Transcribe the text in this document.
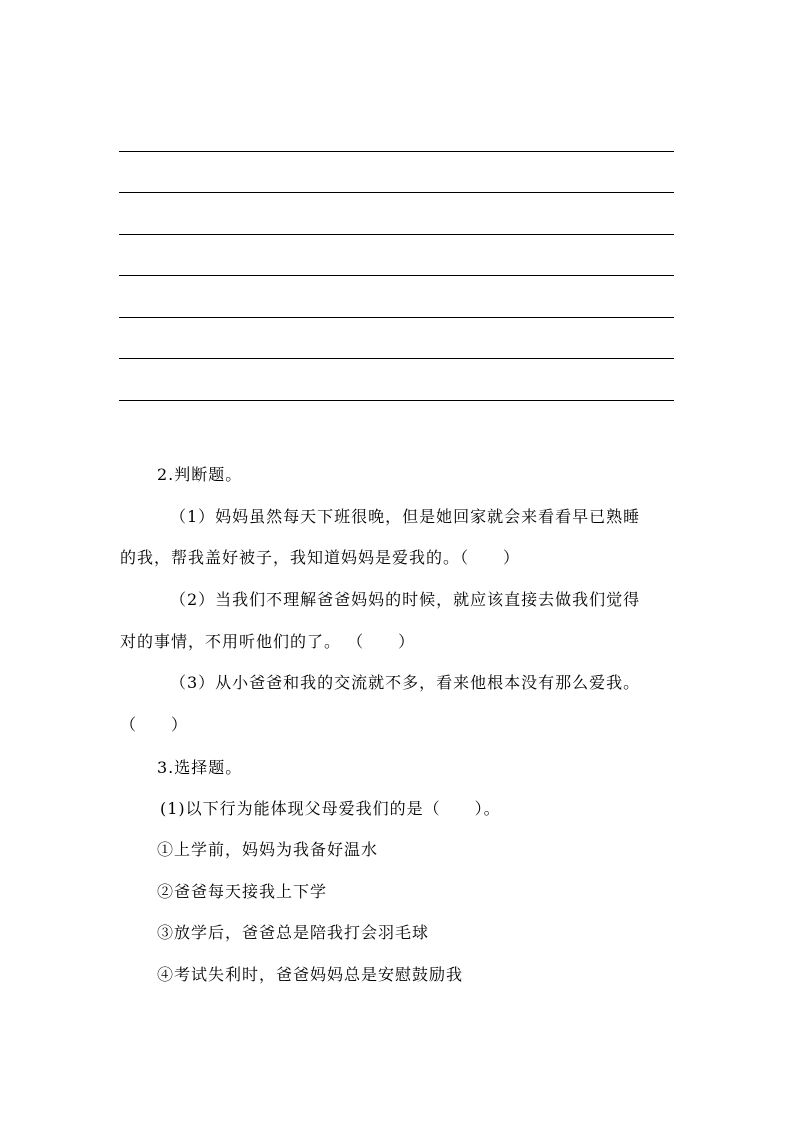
2.判断题。
（1）妈妈虽然每天下班很晚，但是她回家就会来看看早已熟睡
的我，帮我盖好被子，我知道妈妈是爱我的。（　　）
（2）当我们不理解爸爸妈妈的时候，就应该直接去做我们觉得
对的事情，不用听他们的了。 （　　）
（3）从小爸爸和我的交流就不多，看来他根本没有那么爱我。
（　　）
3.选择题。
(1)以下行为能体现父母爱我们的是（　　）。
①上学前，妈妈为我备好温水
②爸爸每天接我上下学
③放学后，爸爸总是陪我打会羽毛球
④考试失利时，爸爸妈妈总是安慰鼓励我
